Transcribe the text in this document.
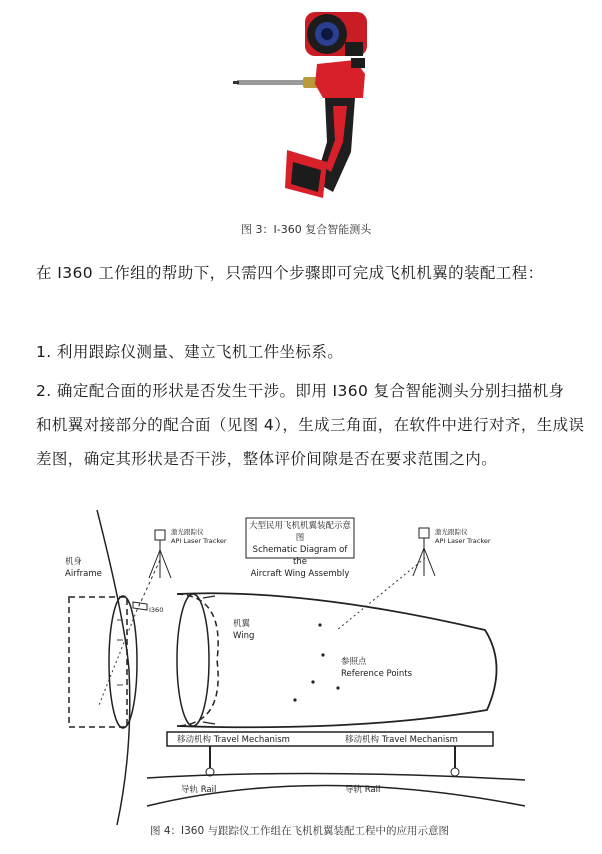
图 3：I-360 复合智能测头
在 I360 工作组的帮助下，只需四个步骤即可完成飞机机翼的装配工程：
1. 利用跟踪仪测量、建立飞机工件坐标系。
2. 确定配合面的形状是否发生干涉。即用 I360 复合智能测头分别扫描机身
和机翼对接部分的配合面（见图 4），生成三角面，在软件中进行对齐，生成误
差图，确定其形状是否干涉，整体评价间隙是否在要求范围之内。
大型民用飞机机翼装配示意图
Schematic Diagram of the
Aircraft Wing Assembly
激光跟踪仪
API Laser Tracker
激光跟踪仪
API Laser Tracker
机身
Airframe
I360
机翼
Wing
参照点
Reference Points
移动机构 Travel Mechanism	移动机构 Travel Mechanism
导轨 Rail	导轨 Rail
图 4：I360 与跟踪仪工作组在飞机机翼装配工程中的应用示意图
